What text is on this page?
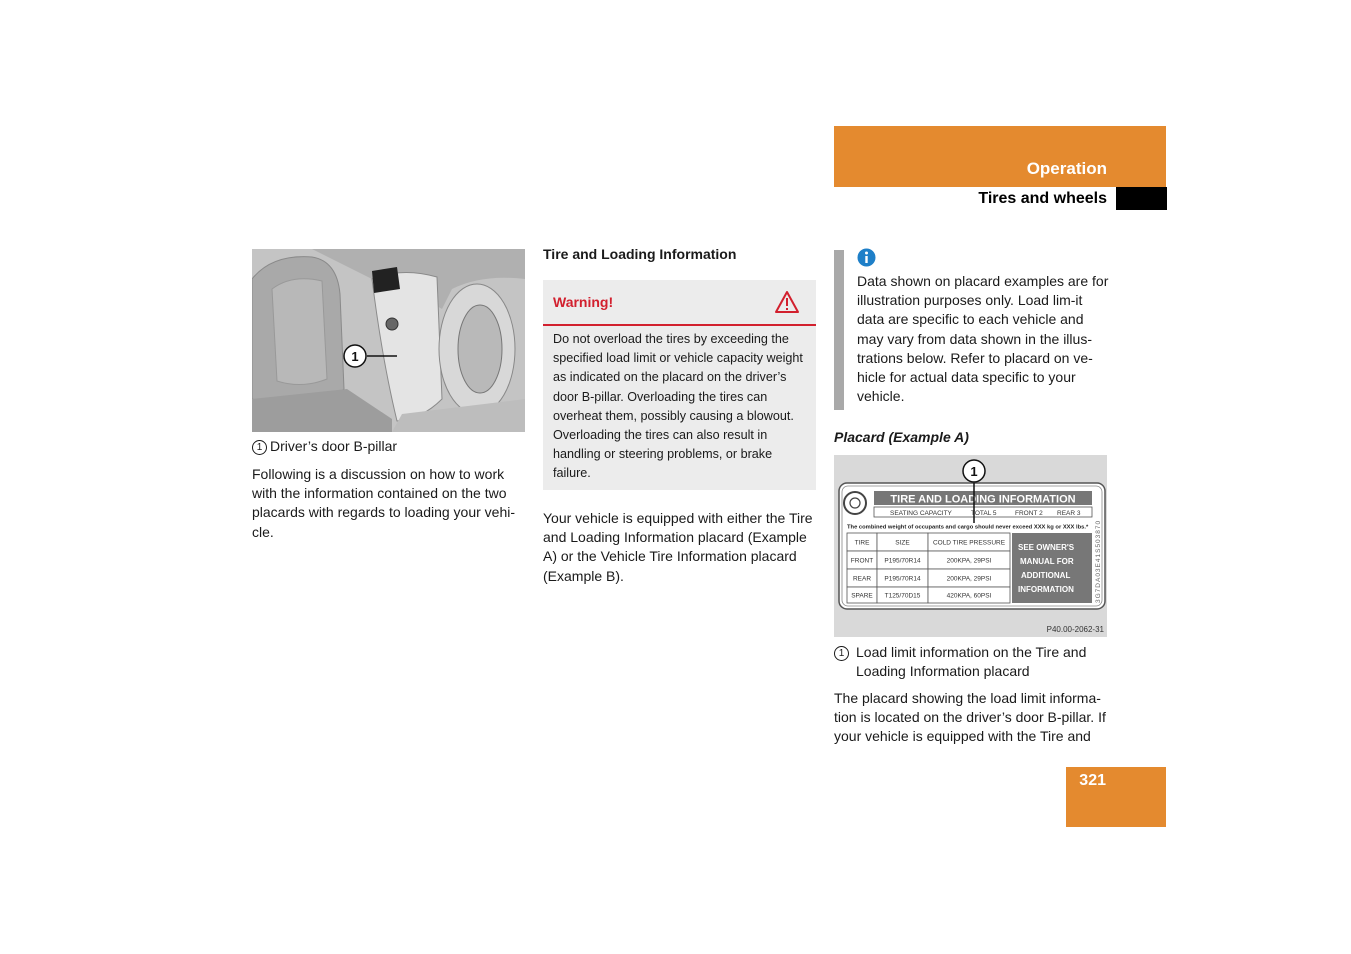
Operation
Tires and wheels
1
1 Driver’s door B-pillar
Following is a discussion on how to work with the information contained on the two placards with regards to loading your vehi-cle.
Tire and Loading Information
Warning!
Do not overload the tires by exceeding the specified load limit or vehicle capacity weight as indicated on the placard on the driver’s door B-pillar. Overloading the tires can overheat them, possibly causing a blowout. Overloading the tires can also result in handling or steering problems, or brake failure.
Your vehicle is equipped with either the Tire and Loading Information placard (Example A) or the Vehicle Tire Information placard (Example B).
Data shown on placard examples are for illustration purposes only. Load lim-it data are specific to each vehicle and may vary from data shown in the illus-trations below. Refer to placard on ve-hicle for actual data specific to your vehicle.
Placard (Example A)
TIRE AND LOADING INFORMATION
SEATING CAPACITY	TOTAL 5	FRONT 2 REAR 3
The combined weight of occupants and cargo should never exceed XXX kg or XXX lbs.*
TIRE	SIZE	COLD TIRE PRESSURE
FRONT P195/70R14	200KPA, 29PSI
REAR P195/70R14	200KPA, 29PSI
SPARE T125/70D15	420KPA, 60PSI
SEE OWNER'S
MANUAL FOR
ADDITIONAL
INFORMATION	3G7DA03E41S503870
1
P40.00-2062-31
1 Load limit information on the Tire and Loading Information placard
The placard showing the load limit informa-tion is located on the driver’s door B-pillar. If your vehicle is equipped with the Tire and
321
